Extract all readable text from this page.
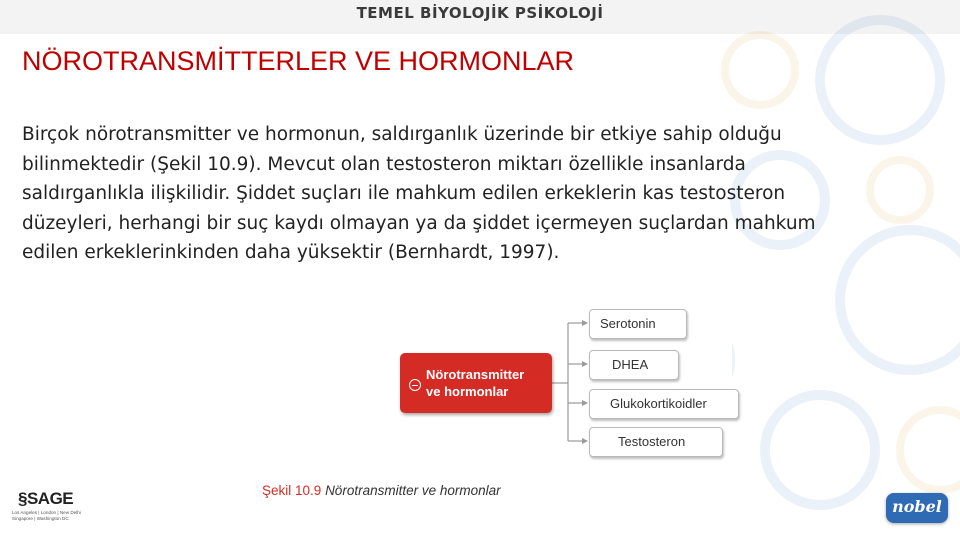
TEMEL BİYOLOJİK PSİKOLOJİ
NÖROTRANSMİTTERLER VE HORMONLAR
Birçok nörotransmitter ve hormonun, saldırganlık üzerinde bir etkiye sahip olduğu
bilinmektedir (Şekil 10.9). Mevcut olan testosteron miktarı özellikle insanlarda
saldırganlıkla ilişkilidir. Şiddet suçları ile mahkum edilen erkeklerin kas testosteron
düzeyleri, herhangi bir suç kaydı olmayan ya da şiddet içermeyen suçlardan mahkum
edilen erkeklerinkinden daha yüksektir (Bernhardt, 1997).
Nörotransmitter
ve hormonlar
Serotonin
DHEA
Glukokortikoidler
Testosteron
Şekil 10.9 Nörotransmitter ve hormonlar
§SAGE
Los Angeles | London | New Delhi
Singapore | Washington DC
nobel
